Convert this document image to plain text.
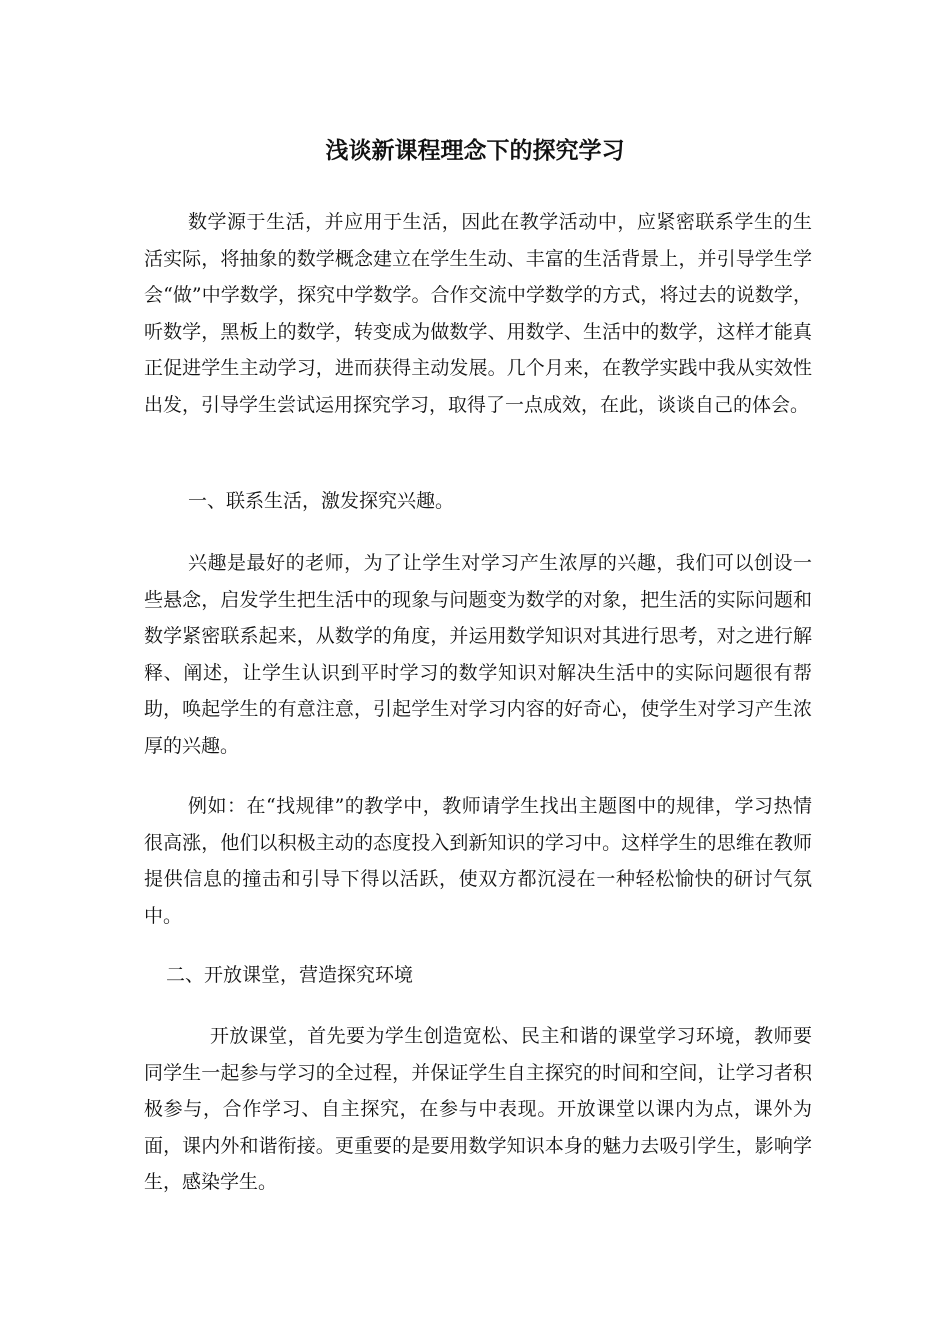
浅谈新课程理念下的探究学习

数学源于生活，并应用于生活，因此在教学活动中，应紧密联系学生的生活实际，将抽象的数学概念建立在学生生动、丰富的生活背景上，并引导学生学会“做”中学数学，探究中学数学。合作交流中学数学的方式，将过去的说数学，听数学，黑板上的数学，转变成为做数学、用数学、生活中的数学，这样才能真正促进学生主动学习，进而获得主动发展。几个月来，在教学实践中我从实效性出发，引导学生尝试运用探究学习，取得了一点成效，在此，谈谈自己的体会。

一、联系生活，激发探究兴趣。

兴趣是最好的老师，为了让学生对学习产生浓厚的兴趣，我们可以创设一些悬念，启发学生把生活中的现象与问题变为数学的对象，把生活的实际问题和数学紧密联系起来，从数学的角度，并运用数学知识对其进行思考，对之进行解释、阐述，让学生认识到平时学习的数学知识对解决生活中的实际问题很有帮助，唤起学生的有意注意，引起学生对学习内容的好奇心，使学生对学习产生浓厚的兴趣。

例如：在“找规律”的教学中，教师请学生找出主题图中的规律，学习热情很高涨，他们以积极主动的态度投入到新知识的学习中。这样学生的思维在教师提供信息的撞击和引导下得以活跃，使双方都沉浸在一种轻松愉快的研讨气氛中。

二、开放课堂，营造探究环境

开放课堂，首先要为学生创造宽松、民主和谐的课堂学习环境，教师要同学生一起参与学习的全过程，并保证学生自主探究的时间和空间，让学习者积极参与，合作学习、自主探究，在参与中表现。开放课堂以课内为点，课外为面，课内外和谐衔接。更重要的是要用数学知识本身的魅力去吸引学生，影响学生，感染学生。
